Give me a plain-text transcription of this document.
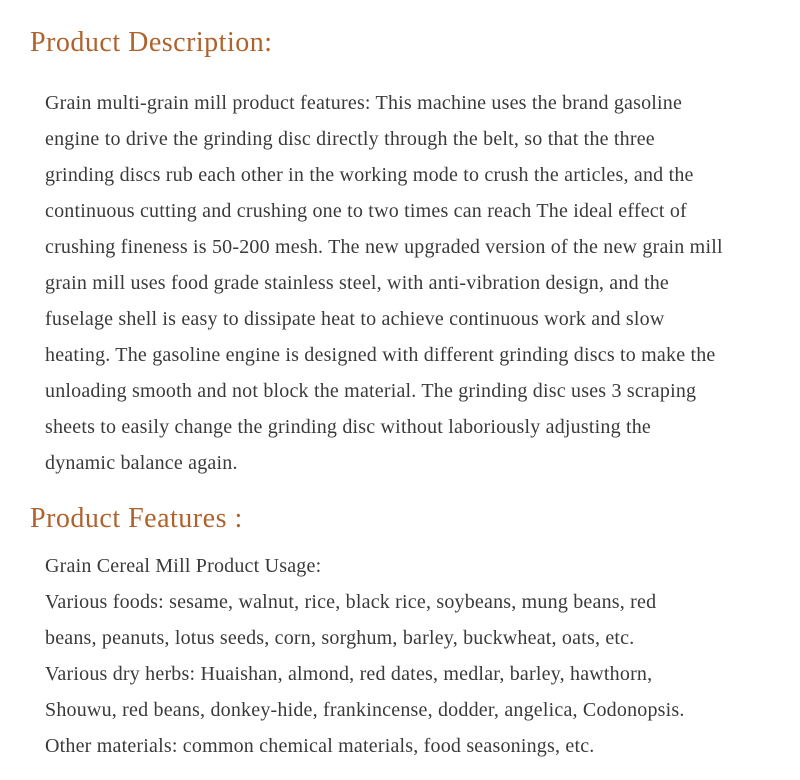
Product Description:
Grain multi-grain mill product features: This machine uses the brand gasoline
engine to drive the grinding disc directly through the belt, so that the three
grinding discs rub each other in the working mode to crush the articles, and the
continuous cutting and crushing one to two times can reach The ideal effect of
crushing fineness is 50-200 mesh. The new upgraded version of the new grain mill
grain mill uses food grade stainless steel, with anti-vibration design, and the
fuselage shell is easy to dissipate heat to achieve continuous work and slow
heating. The gasoline engine is designed with different grinding discs to make the
unloading smooth and not block the material. The grinding disc uses 3 scraping
sheets to easily change the grinding disc without laboriously adjusting the
dynamic balance again.
Product Features :
Grain Cereal Mill Product Usage:
Various foods: sesame, walnut, rice, black rice, soybeans, mung beans, red
beans, peanuts, lotus seeds, corn, sorghum, barley, buckwheat, oats, etc.
Various dry herbs: Huaishan, almond, red dates, medlar, barley, hawthorn,
Shouwu, red beans, donkey-hide, frankincense, dodder, angelica, Codonopsis.
Other materials: common chemical materials, food seasonings, etc.
